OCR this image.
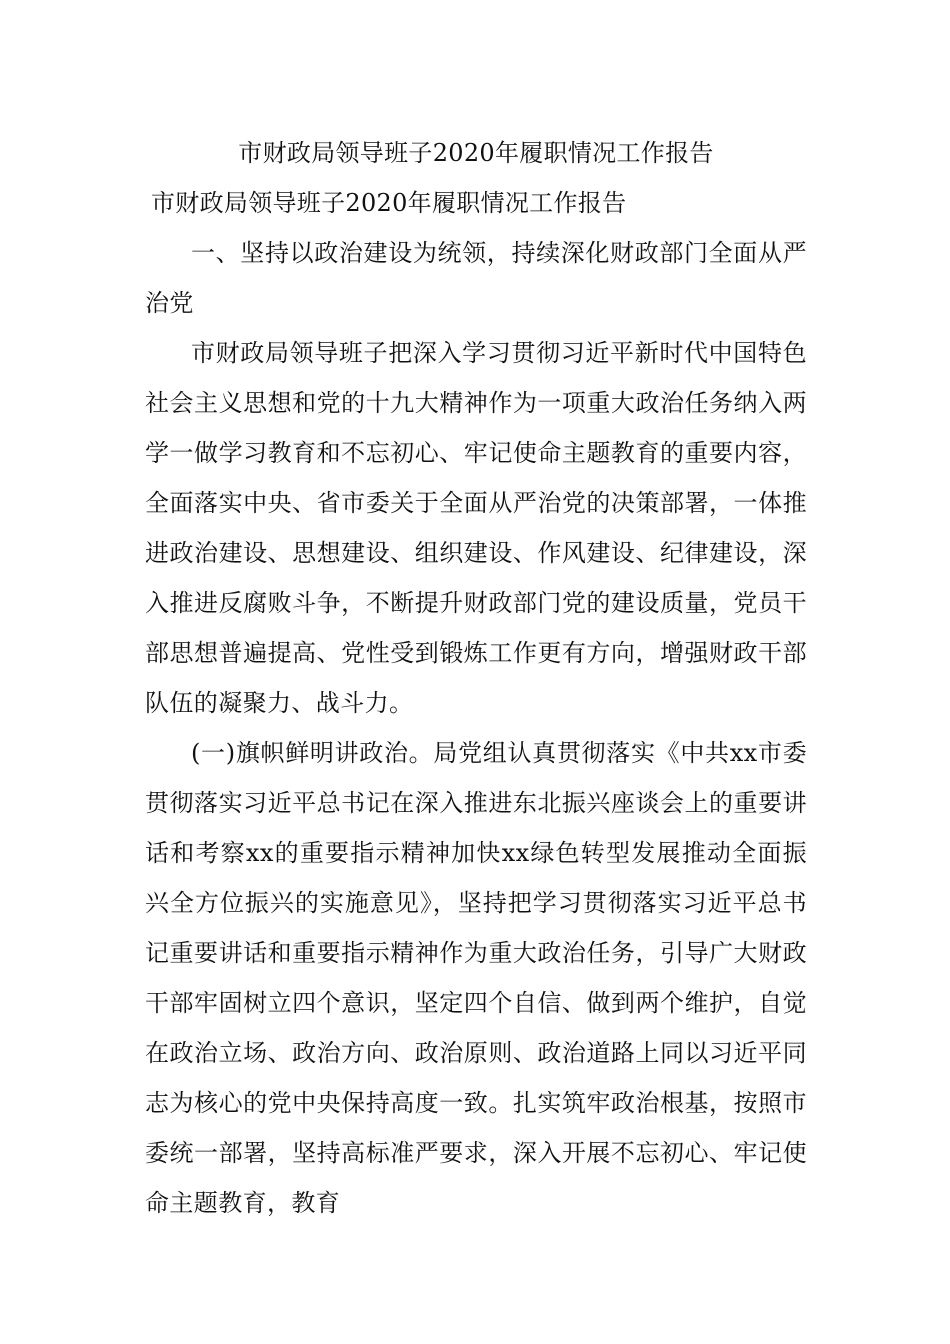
市财政局领导班子2020年履职情况工作报告

市财政局领导班子2020年履职情况工作报告

一、坚持以政治建设为统领，持续深化财政部门全面从严治党

市财政局领导班子把深入学习贯彻习近平新时代中国特色社会主义思想和党的十九大精神作为一项重大政治任务纳入两学一做学习教育和不忘初心、牢记使命主题教育的重要内容，全面落实中央、省市委关于全面从严治党的决策部署，一体推进政治建设、思想建设、组织建设、作风建设、纪律建设，深入推进反腐败斗争，不断提升财政部门党的建设质量，党员干部思想普遍提高、党性受到锻炼工作更有方向，增强财政干部队伍的凝聚力、战斗力。

(一)旗帜鲜明讲政治。局党组认真贯彻落实《中共xx市委贯彻落实习近平总书记在深入推进东北振兴座谈会上的重要讲话和考察xx的重要指示精神加快xx绿色转型发展推动全面振兴全方位振兴的实施意见》，坚持把学习贯彻落实习近平总书记重要讲话和重要指示精神作为重大政治任务，引导广大财政干部牢固树立四个意识，坚定四个自信、做到两个维护，自觉在政治立场、政治方向、政治原则、政治道路上同以习近平同志为核心的党中央保持高度一致。扎实筑牢政治根基，按照市委统一部署，坚持高标准严要求，深入开展不忘初心、牢记使命主题教育，教育
